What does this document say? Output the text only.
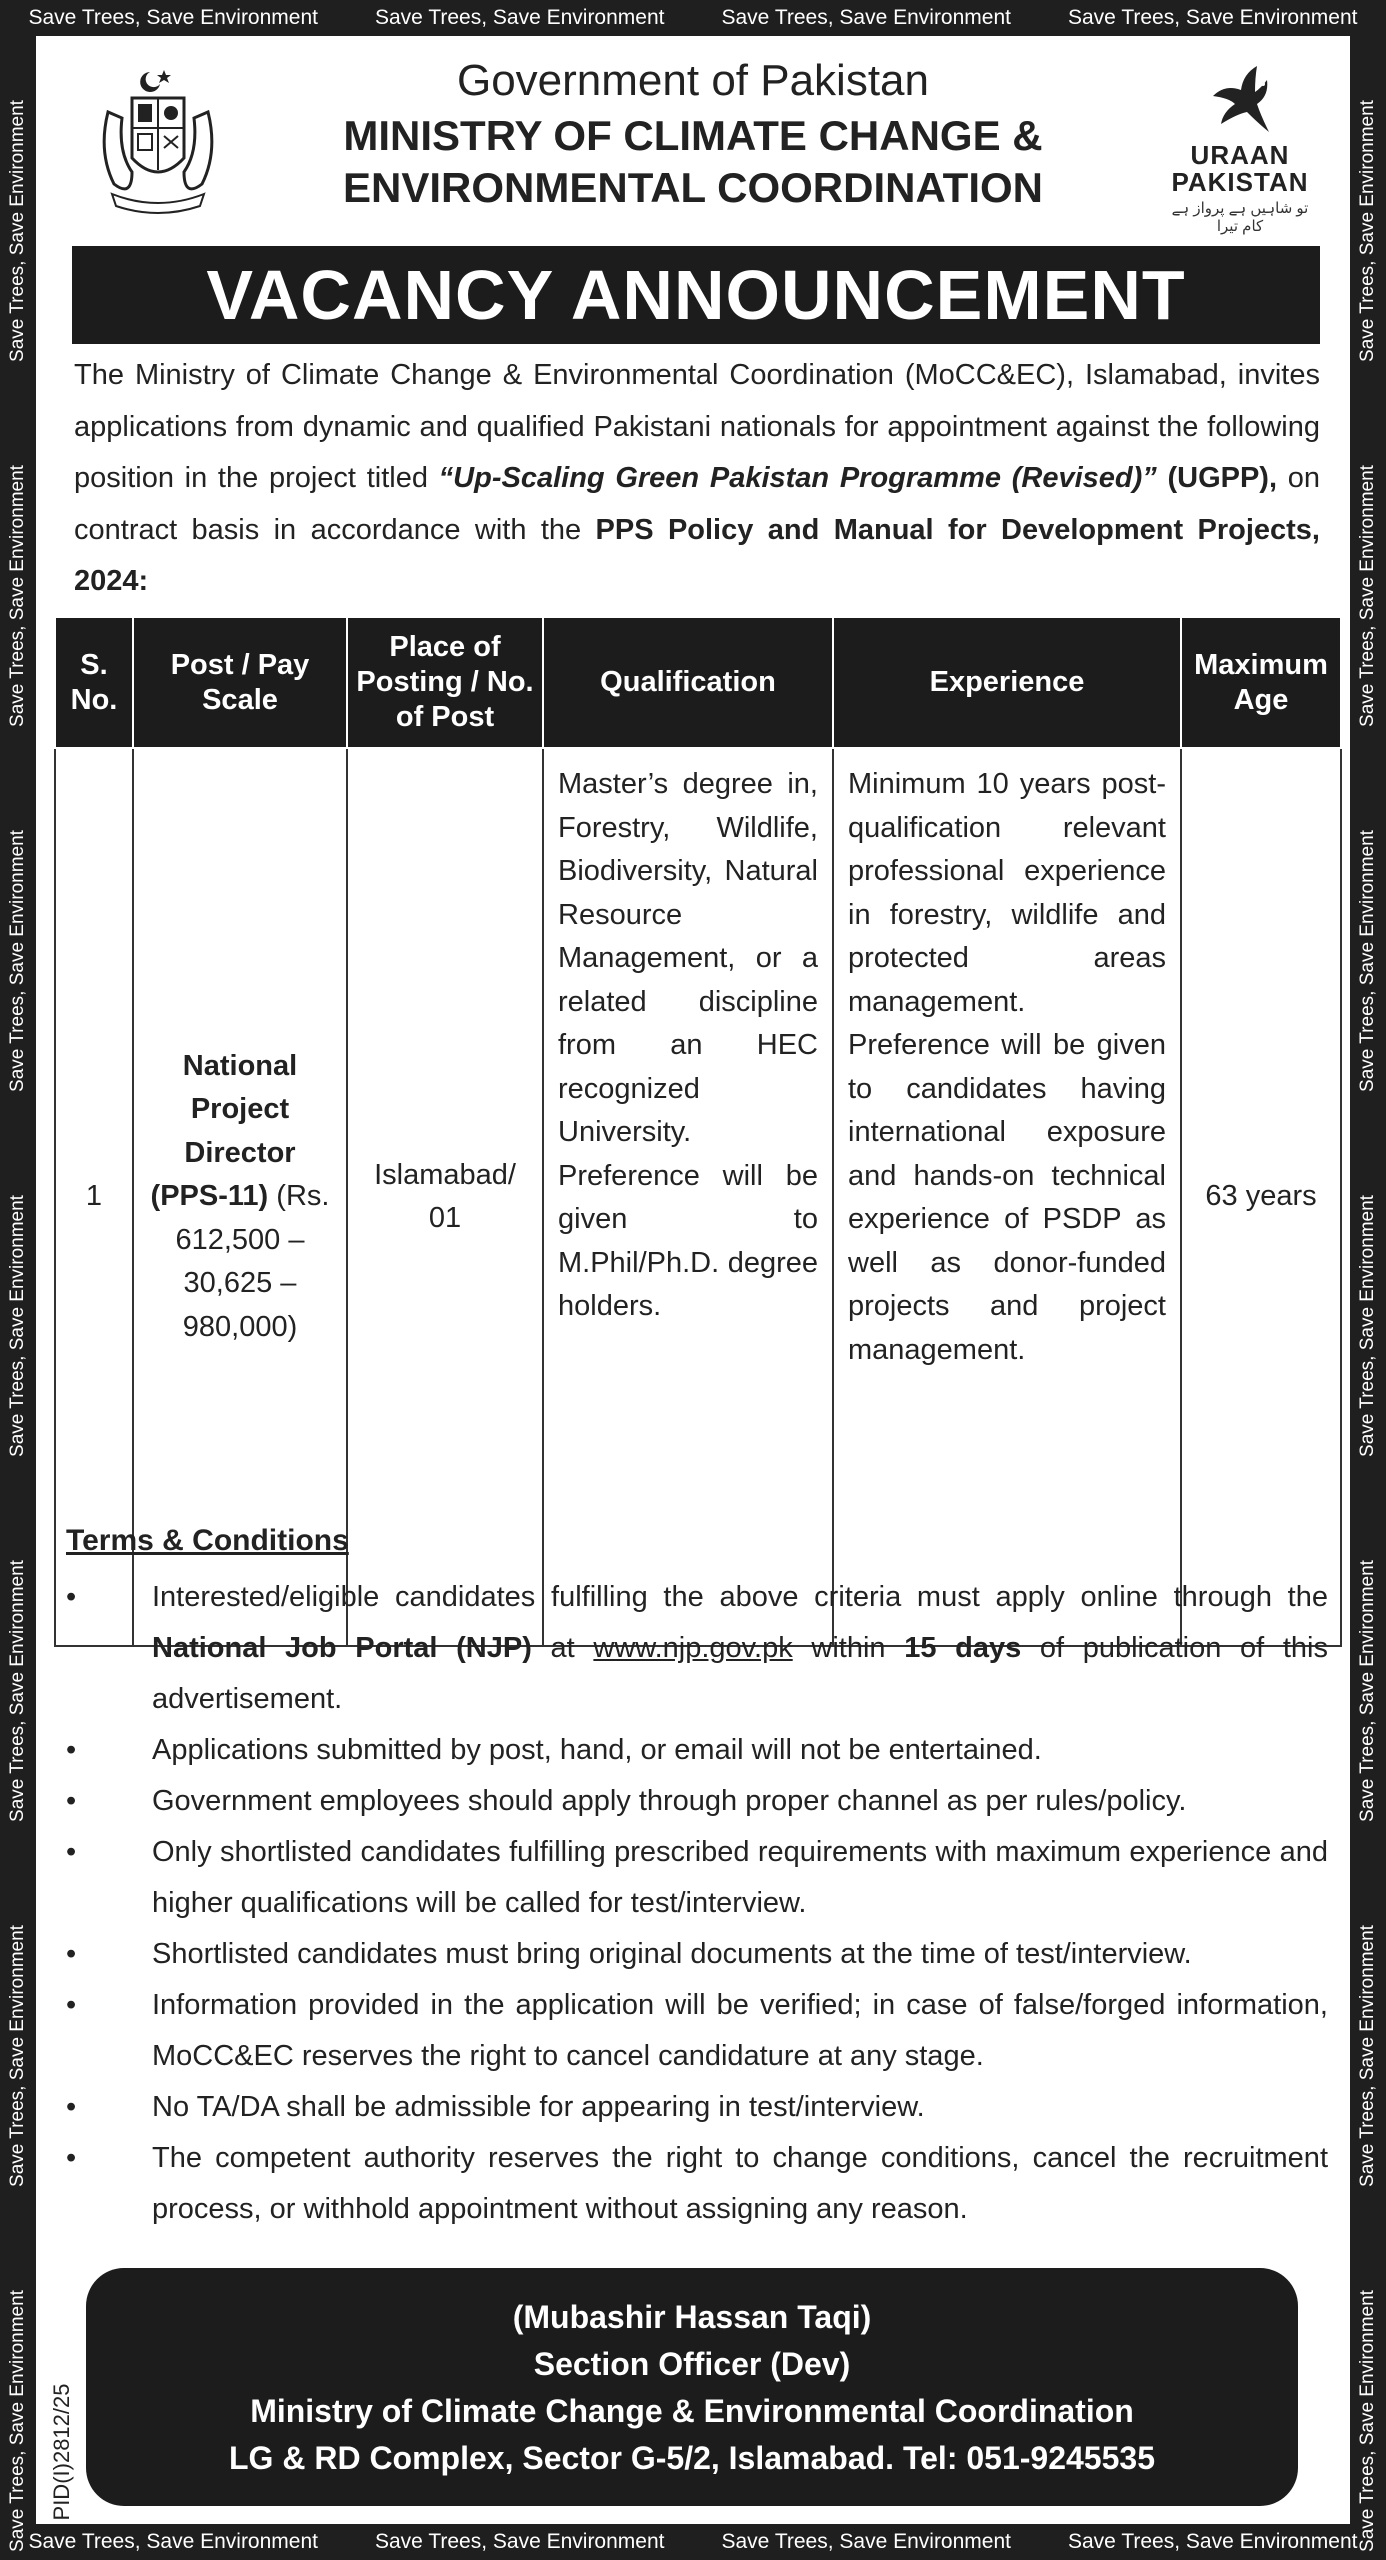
Save Trees, Save Environment	Save Trees, Save Environment	Save Trees, Save Environment	Save Trees, Save Environment
Save Trees, Save Environment	Save Trees, Save Environment	Save Trees, Save Environment	Save Trees, Save Environment
Save Trees, Save Environment
Save Trees, Save Environment
Save Trees, Save Environment
Save Trees, Save Environment
Save Trees, Save Environment
Save Trees, Save Environment
Save Trees, Save Environment
Save Trees, Save Environment
Save Trees, Save Environment
Save Trees, Save Environment
Save Trees, Save Environment
Save Trees, Save Environment
Save Trees, Save Environment
Save Trees, Save Environment
Government of Pakistan
MINISTRY OF CLIMATE CHANGE &
ENVIRONMENTAL COORDINATION
URAAN
PAKISTAN
تو شاہیں ہے پرواز ہے کام تیرا
VACANCY ANNOUNCEMENT
The Ministry of Climate Change & Environmental Coordination (MoCC&EC), Islamabad, invites applications from dynamic and qualified Pakistani nationals for appointment against the following position in the project titled “Up-Scaling Green Pakistan Programme (Revised)” (UGPP), on contract basis in accordance with the PPS Policy and Manual for Development Projects, 2024:
S. No.	Post / Pay Scale	Place of Posting / No. of Post	Qualification	Experience	Maximum Age
1	National Project Director (PPS-11) (Rs. 612,500 – 30,625 – 980,000)	Islamabad/ 01	Master’s degree in, Forestry, Wildlife, Biodiversity, Natural Resource Management, or a related discipline from an HEC recognized University. Preference will be given to M.Phil/Ph.D. degree holders.	Minimum 10 years post-qualification relevant professional experience in forestry, wildlife and protected areas management. Preference will be given to candidates having international exposure and hands-on technical experience of PSDP as well as donor-funded projects and project management.	63 years
Terms & Conditions
• Interested/eligible candidates fulfilling the above criteria must apply online through the National Job Portal (NJP) at www.njp.gov.pk within 15 days of publication of this advertisement.
• Applications submitted by post, hand, or email will not be entertained.
• Government employees should apply through proper channel as per rules/policy.
• Only shortlisted candidates fulfilling prescribed requirements with maximum experience and higher qualifications will be called for test/interview.
• Shortlisted candidates must bring original documents at the time of test/interview.
• Information provided in the application will be verified; in case of false/forged information, MoCC&EC reserves the right to cancel candidature at any stage.
• No TA/DA shall be admissible for appearing in test/interview.
• The competent authority reserves the right to change conditions, cancel the recruitment process, or withhold appointment without assigning any reason.
(Mubashir Hassan Taqi)
Section Officer (Dev)
Ministry of Climate Change & Environmental Coordination
LG & RD Complex, Sector G-5/2, Islamabad. Tel: 051-9245535
PID(I)2812/25
